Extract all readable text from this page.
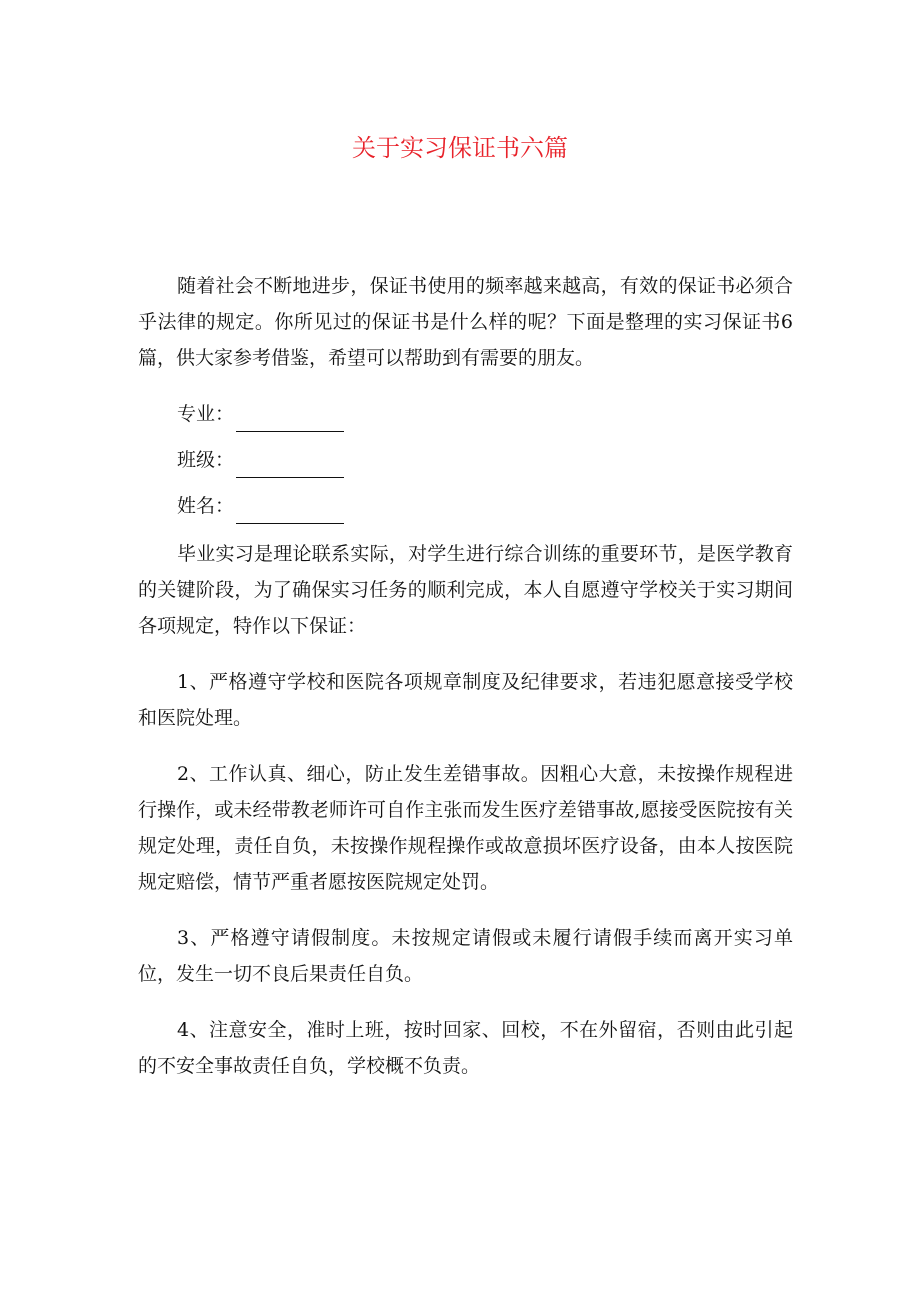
关于实习保证书六篇

随着社会不断地进步，保证书使用的频率越来越高，有效的保证书必须合乎法律的规定。你所见过的保证书是什么样的呢？下面是整理的实习保证书6篇，供大家参考借鉴，希望可以帮助到有需要的朋友。

专业：
班级：
姓名：

毕业实习是理论联系实际，对学生进行综合训练的重要环节，是医学教育的关键阶段，为了确保实习任务的顺利完成，本人自愿遵守学校关于实习期间各项规定，特作以下保证：

1、严格遵守学校和医院各项规章制度及纪律要求，若违犯愿意接受学校和医院处理。

2、工作认真、细心，防止发生差错事故。因粗心大意，未按操作规程进行操作，或未经带教老师许可自作主张而发生医疗差错事故,愿接受医院按有关规定处理，责任自负，未按操作规程操作或故意损坏医疗设备，由本人按医院规定赔偿，情节严重者愿按医院规定处罚。

3、严格遵守请假制度。未按规定请假或未履行请假手续而离开实习单位，发生一切不良后果责任自负。

4、注意安全，准时上班，按时回家、回校，不在外留宿，否则由此引起的不安全事故责任自负，学校概不负责。
